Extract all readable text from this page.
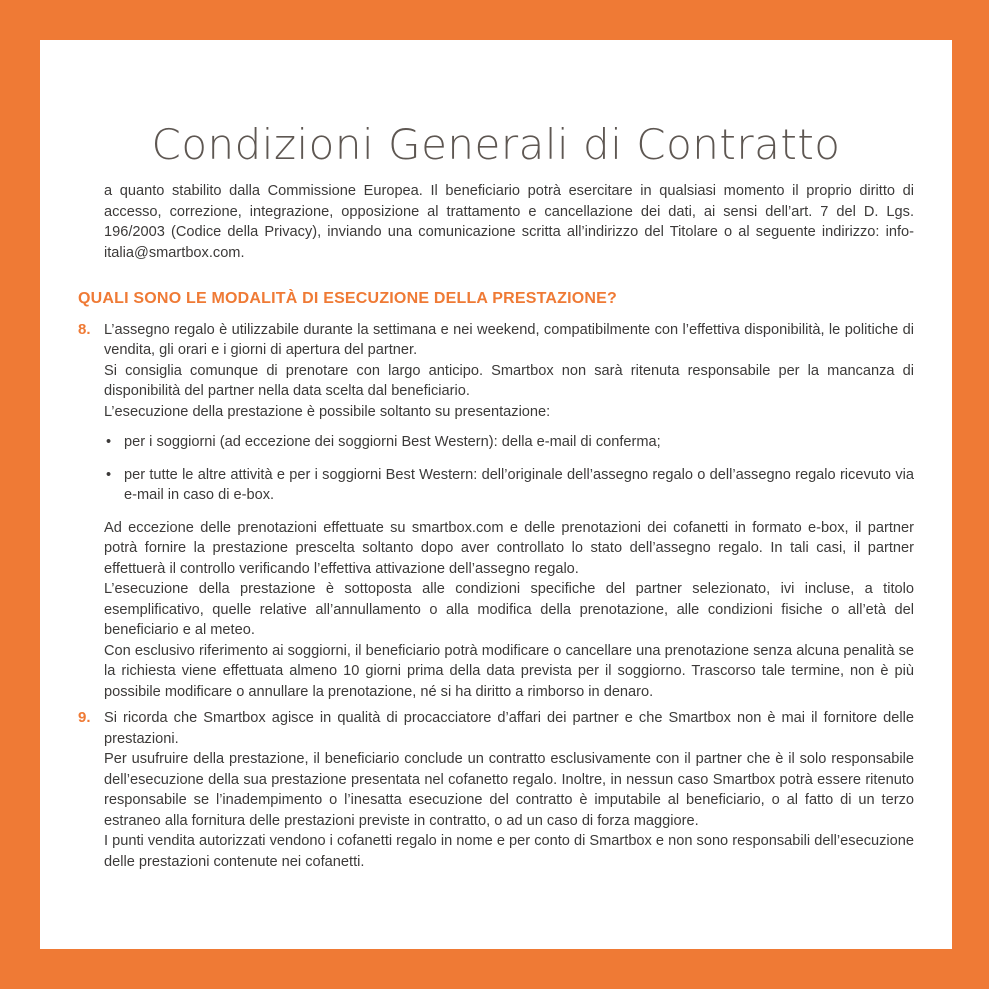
Condizioni Generali di Contratto

a quanto stabilito dalla Commissione Europea. Il beneficiario potrà esercitare in qualsiasi momento il proprio diritto di accesso, correzione, integrazione, opposizione al trattamento e cancellazione dei dati, ai sensi dell’art. 7 del D. Lgs. 196/2003 (Codice della Privacy), inviando una comunicazione scritta all’indirizzo del Titolare o al seguente indirizzo: info-italia@smartbox.com.

QUALI SONO LE MODALITÀ DI ESECUZIONE DELLA PRESTAZIONE?

8. L’assegno regalo è utilizzabile durante la settimana e nei weekend, compatibilmente con l’effettiva disponibilità, le politiche di vendita, gli orari e i giorni di apertura del partner.

Si consiglia comunque di prenotare con largo anticipo. Smartbox non sarà ritenuta responsabile per la mancanza di disponibilità del partner nella data scelta dal beneficiario.

L’esecuzione della prestazione è possibile soltanto su presentazione:

• per i soggiorni (ad eccezione dei soggiorni Best Western): della e-mail di conferma;
• per tutte le altre attività e per i soggiorni Best Western: dell’originale dell’assegno regalo o dell’assegno regalo ricevuto via e-mail in caso di e-box.

Ad eccezione delle prenotazioni effettuate su smartbox.com e delle prenotazioni dei cofanetti in formato e-box, il partner potrà fornire la prestazione prescelta soltanto dopo aver controllato lo stato dell’assegno regalo. In tali casi, il partner effettuerà il controllo verificando l’effettiva attivazione dell’assegno regalo.

L’esecuzione della prestazione è sottoposta alle condizioni specifiche del partner selezionato, ivi incluse, a titolo esemplificativo, quelle relative all’annullamento o alla modifica della prenotazione, alle condizioni fisiche o all’età del beneficiario e al meteo.

Con esclusivo riferimento ai soggiorni, il beneficiario potrà modificare o cancellare una prenotazione senza alcuna penalità se la richiesta viene effettuata almeno 10 giorni prima della data prevista per il soggiorno. Trascorso tale termine, non è più possibile modificare o annullare la prenotazione, né si ha diritto a rimborso in denaro.

9. Si ricorda che Smartbox agisce in qualità di procacciatore d’affari dei partner e che Smartbox non è mai il fornitore delle prestazioni.

Per usufruire della prestazione, il beneficiario conclude un contratto esclusivamente con il partner che è il solo responsabile dell’esecuzione della sua prestazione presentata nel cofanetto regalo. Inoltre, in nessun caso Smartbox potrà essere ritenuto responsabile se l’inadempimento o l’inesatta esecuzione del contratto è imputabile al beneficiario, o al fatto di un terzo estraneo alla fornitura delle prestazioni previste in contratto, o ad un caso di forza maggiore.

I punti vendita autorizzati vendono i cofanetti regalo in nome e per conto di Smartbox e non sono responsabili dell’esecuzione delle prestazioni contenute nei cofanetti.
